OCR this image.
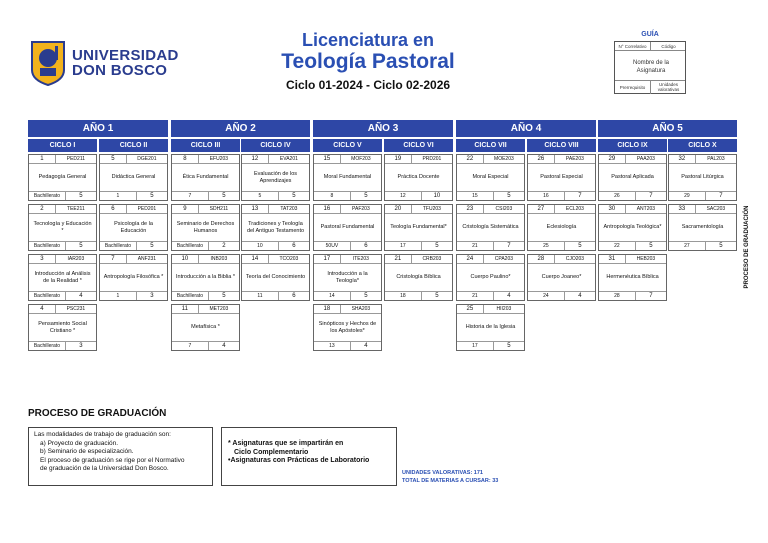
UNIVERSIDAD
DON BOSCO
Licenciatura en
Teología Pastoral
Ciclo 01-2024 - Ciclo 02-2026
GUÍA
N° Correlativo	Código
Nombre de la Asignatura
Prerrequisito
Unidades valorativas
AÑO 1	AÑO 2	AÑO 3	AÑO 4	AÑO 5
CICLO I
1	PED211
Pedagogía General
Bachillerato	5
2	TEE211
Tecnología y Educación *
Bachillerato	5
3	IAR203
Introducción al Análisis de la Realidad *
Bachillerato	4
4	PSC231
Pensamiento Social Cristiano *
Bachillerato	3
CICLO II
5	DGE201
Didáctica General
1	5
6	PED201
Psicología de la Educación
Bachillerato	5
7	ANF231
Antropología Filosófica *
1	3
CICLO III
8	EFU203
Ética Fundamental
7	5
9	SDH211
Seminario de Derechos Humanos
Bachillerato	2
10	INB203
Introducción a la Biblia *
Bachillerato	5
11	MET203
Metafísica *
7	4
CICLO IV
12	EVA201
Evaluación de los Aprendizajes
5	5
13	TAT203
Tradiciones y Teología del Antiguo Testamento
10	6
14	TCO203
Teoría del Conocimiento
11	6
CICLO V
15	MOF203
Moral Fundamental
8	5
16	PAF203
Pastoral Fundamental
50UV	6
17	ITE203
Introducción a la Teología*
14	5
18	SHA203
Sinópticos y Hechos de los Apóstoles*
13	4
CICLO VI
19	PRD201
Práctica Docente
12	10
20	TFU203
Teología Fundamental*
17	5
21	CRB203
Cristología Bíblica
18	5
CICLO VII
22	MOE203
Moral Especial
15	5
23	CSI203
Cristología Sistemática
21	7
24	CPA203
Cuerpo Paulino*
21	4
25	HII203
Historia de la Iglesia
17	5
CICLO VIII
26	PAE203
Pastoral Especial
16	7
27	ECL203
Eclesiología
25	5
28	CJO203
Cuerpo Joaneo*
24	4
CICLO IX
29	PAA203
Pastoral Aplicada
26	7
30	ANT203
Antropología Teológica*
22	5
31	HEB203
Hermenéutica Bíblica
28	7
CICLO X
32	PAL203
Pastoral Litúrgica
29	7
33	SAC203
Sacramentología
27	5	PROCESO DE GRADUACIÓN
PROCESO DE GRADUACIÓN
Las modalidades de trabajo de graduación son:
a) Proyecto de graduación.
b) Seminario de especialización.
El proceso de graduación se rige por el Normativo
de graduación de la Universidad Don Bosco.
* Asignaturas que se impartirán en
Ciclo Complementario
•Asignaturas con Prácticas de Laboratorio
UNIDADES VALORATIVAS: 171
TOTAL DE MATERIAS A CURSAR: 33
